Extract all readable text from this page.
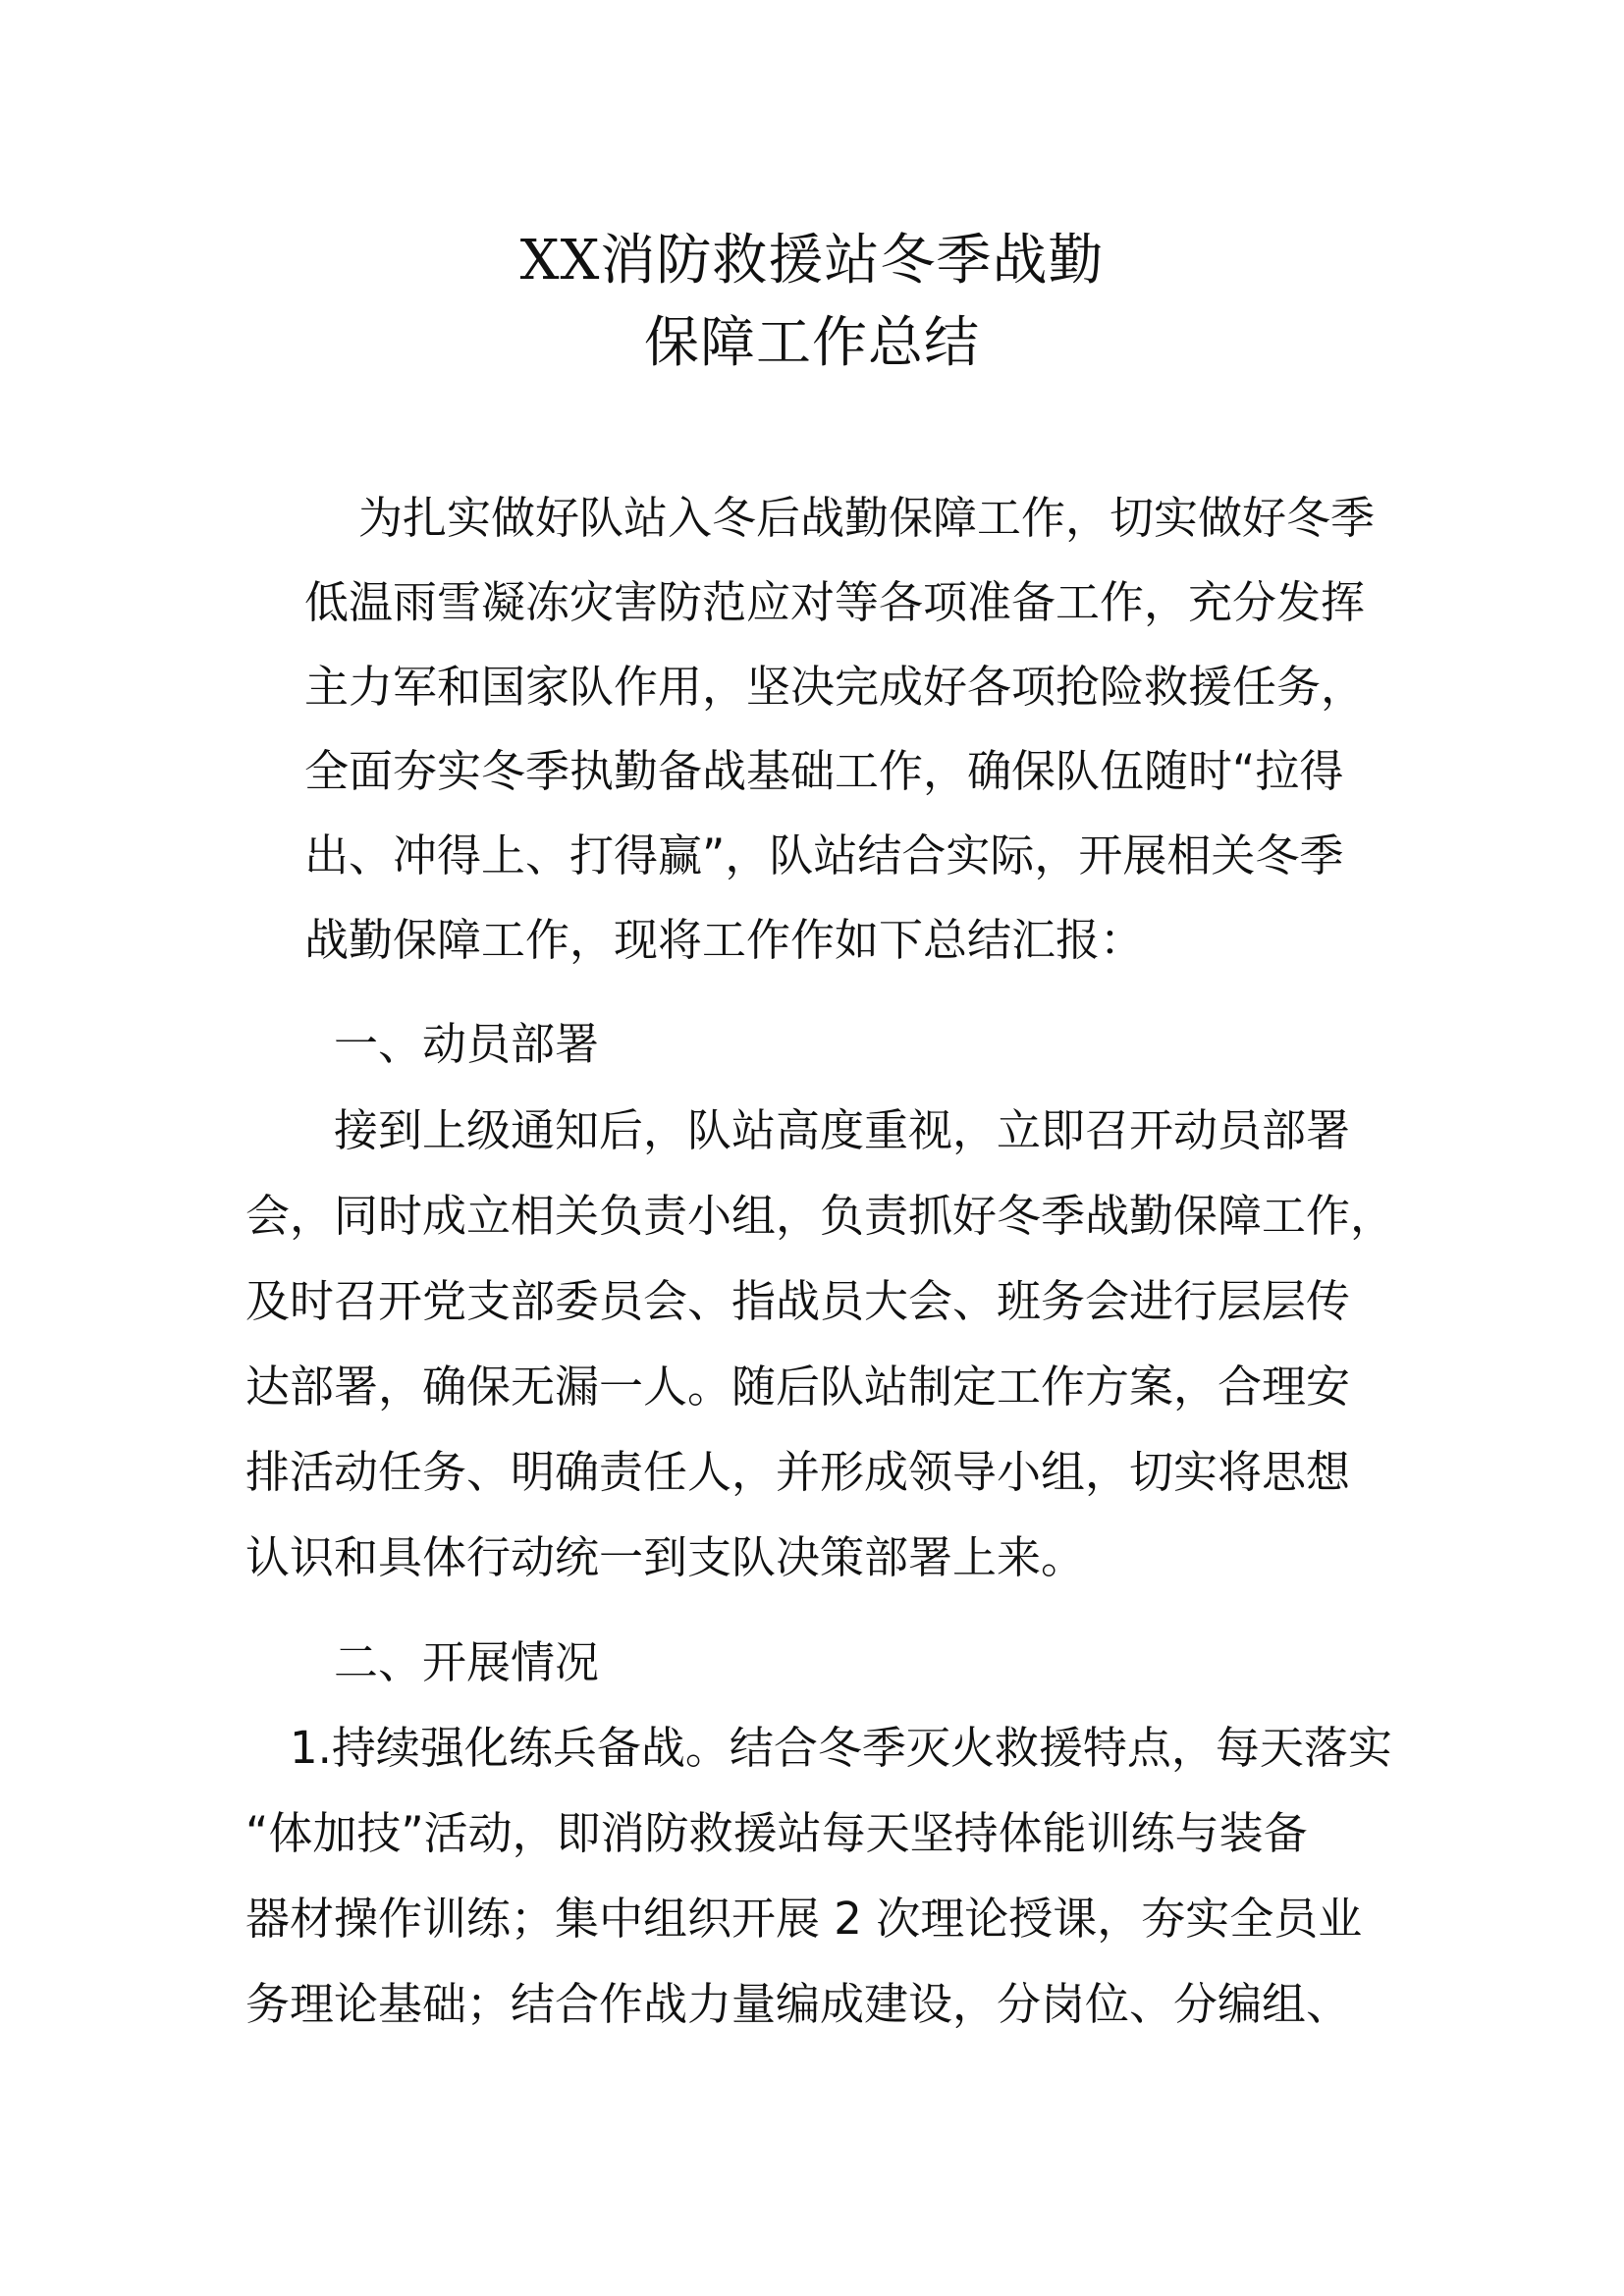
XX消防救援站冬季战勤
保障工作总结
为扎实做好队站入冬后战勤保障工作，切实做好冬季
低温雨雪凝冻灾害防范应对等各项准备工作，充分发挥
主力军和国家队作用，坚决完成好各项抢险救援任务，
全面夯实冬季执勤备战基础工作，确保队伍随时“拉得
出、冲得上、打得赢”，队站结合实际，开展相关冬季
战勤保障工作，现将工作作如下总结汇报：
一、动员部署
接到上级通知后，队站高度重视，立即召开动员部署
会，同时成立相关负责小组，负责抓好冬季战勤保障工作，
及时召开党支部委员会、指战员大会、班务会进行层层传
达部署，确保无漏一人。随后队站制定工作方案，合理安
排活动任务、明确责任人，并形成领导小组，切实将思想
认识和具体行动统一到支队决策部署上来。
二、开展情况
1.持续强化练兵备战。结合冬季灭火救援特点，每天落实
“体加技”活动，即消防救援站每天坚持体能训练与装备
器材操作训练；集中组织开展 2 次理论授课，夯实全员业
务理论基础；结合作战力量编成建设，分岗位、分编组、
